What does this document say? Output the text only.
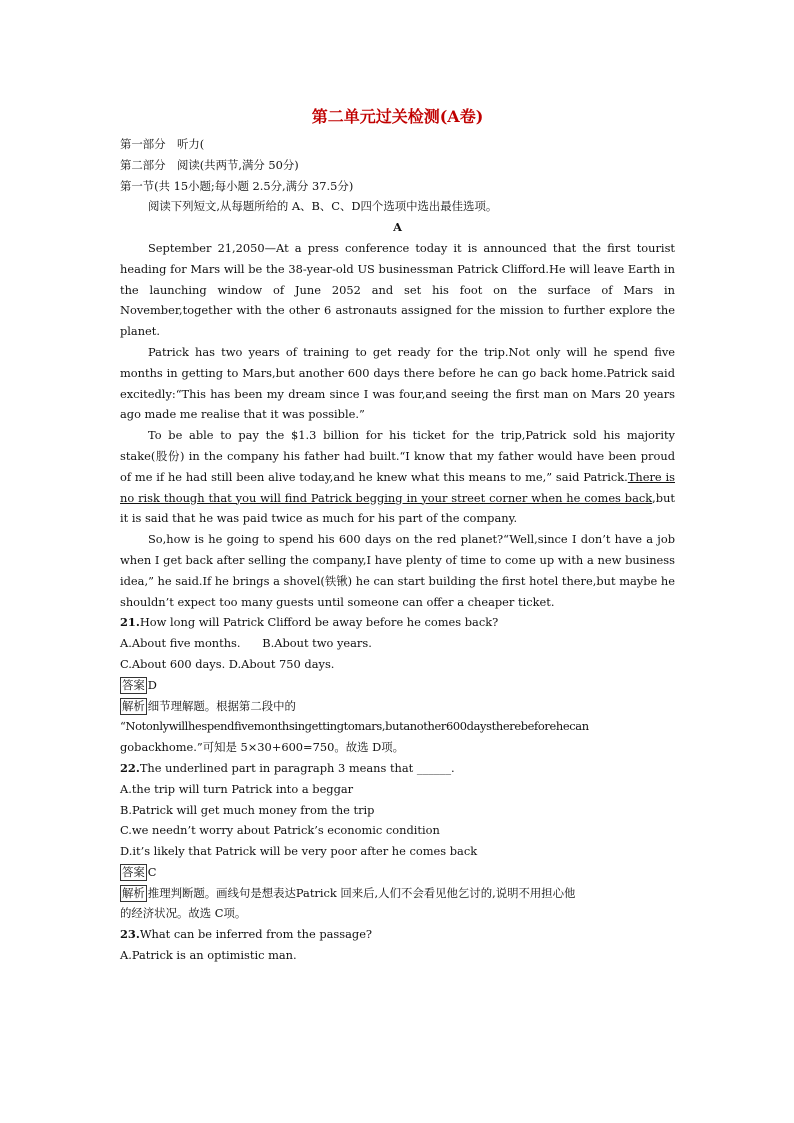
第二单元过关检测(A卷)
第一部分　听力(
第二部分　阅读(共两节,满分 50分)
第一节(共 15小题;每小题 2.5分,满分 37.5分)
阅读下列短文,从每题所给的 A、B、C、D四个选项中选出最佳选项。
A

September 21,2050—At a press conference today it is announced that the first tourist heading for Mars will be the 38-year-old US businessman Patrick Clifford.He will leave Earth in the launching window of June 2052 and set his foot on the surface of Mars in November,together with the other 6 astronauts assigned for the mission to further explore the planet.

Patrick has two years of training to get ready for the trip.Not only will he spend five months in getting to Mars,but another 600 days there before he can go back home.Patrick said excitedly:“This has been my dream since I was four,and seeing the first man on Mars 20 years ago made me realise that it was possible.”

To be able to pay the $1.3 billion for his ticket for the trip,Patrick sold his majority stake(股份) in the company his father had built.“I know that my father would have been proud of me if he had still been alive today,and he knew what this means to me,” said Patrick.There is no risk though that you will find Patrick begging in your street corner when he comes back,but it is said that he was paid twice as much for his part of the company.

So,how is he going to spend his 600 days on the red planet?“Well,since I don’t have a job when I get back after selling the company,I have plenty of time to come up with a new business idea,” he said.If he brings a shovel(铁锹) he can start building the first hotel there,but maybe he shouldn’t expect too many guests until someone can offer a cheaper ticket.

21.How long will Patrick Clifford be away before he comes back?
A.About five months.      B.About two years.
C.About 600 days. D.About 750 days.
答案 D
解析 细节理解题。根据第二段中的
“Notonlywillhespendfivemonthsingettingtomars,butanother600daystherebeforehecan
gobackhome.”可知是 5×30+600=750。故选 D项。
22.The underlined part in paragraph 3 means that ______.
A.the trip will turn Patrick into a beggar
B.Patrick will get much money from the trip
C.we needn’t worry about Patrick’s economic condition
D.it’s likely that Patrick will be very poor after he comes back
答案 C
解析 推理判断题。画线句是想表达Patrick 回来后,人们不会看见他乞讨的,说明不用担心他
的经济状况。故选 C项。
23.What can be inferred from the passage?
A.Patrick is an optimistic man.
